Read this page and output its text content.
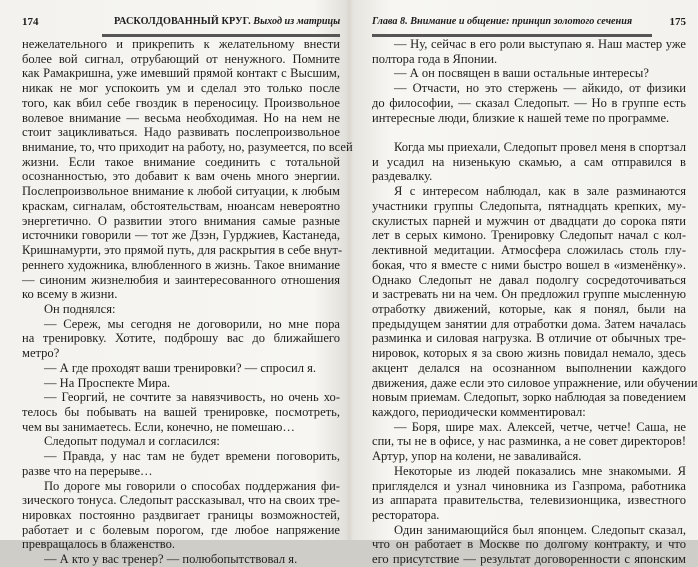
174	РАСКОЛДОВАННЫЙ КРУГ. Выход из матрицы
нежелательного и прикрепить к желательному внести
более вой сигнал, отрубающий от ненужного. Помните
как Рамакришна, уже имевший прямой контакт с Высшим,
никак не мог успокоить ум и сделал это только после
того, как вбил себе гвоздик в переносицу. Произвольное
волевое внимание — весьма необходимая. Но на нем не
стоит зацикливаться. Надо развивать послепроизвольное
внимание, то, что приходит на работу, но, разумеется, по всей
жизни. Если такое внимание соединить с тотальной
осознанностью, это добавит к вам очень много энергии.
Послепроизвольное внимание к любой ситуации, к любым
краскам, сигналам, обстоятельствам, нюансам невероятно
энергетично. О развитии этого внимания самые разные
источники говорили — тот же Дзэн, Гурджиев, Кастанеда,
Кришнамурти, это прямой путь, для раскрытия в себе внут-
реннего художника, влюбленного в жизнь. Такое внимание
— синоним жизнелюбия и заинтересованного отношения
ко всему в жизни.
Он поднялся:
— Сереж, мы сегодня не договорили, но мне пора
на тренировку. Хотите, подброшу вас до ближайшего
метро?
— А где проходят ваши тренировки? — спросил я.
— На Проспекте Мира.
— Георгий, не сочтите за навязчивость, но очень хо-
телось бы побывать на вашей тренировке, посмотреть,
чем вы занимаетесь. Если, конечно, не помешаю…
Следопыт подумал и согласился:
— Правда, у нас там не будет времени поговорить,
разве что на перерыве…
По дороге мы говорили о способах поддержания фи-
зического тонуса. Следопыт рассказывал, что на своих тре-
нировках постоянно раздвигает границы возможностей,
работает и с болевым порогом, где любое напряжение
превращалось в блаженство.
— А кто у вас тренер? — полюбопытствовал я.
Глава 8. Внимание и общение: принцип золотого сечения	175
— Ну, сейчас в его роли выступаю я. Наш мастер уже
полтора года в Японии.
— А он посвящен в ваши остальные интересы?
— Отчасти, но это стержень — айкидо, от физики
до философии, — сказал Следопыт. — Но в группе есть
интересные люди, близкие к нашей теме по программе.
Когда мы приехали, Следопыт провел меня в спортзал
и усадил на низенькую скамью, а сам отправился в
раздевалку.
Я с интересом наблюдал, как в зале разминаются
участники группы Следопыта, пятнадцать крепких, му-
скулистых парней и мужчин от двадцати до сорока пяти
лет в серых кимоно. Тренировку Следопыт начал с кол-
лективной медитации. Атмосфера сложилась столь глу-
бокая, что я вместе с ними быстро вошел в «изменёнку».
Однако Следопыт не давал подолгу сосредоточиваться
и застревать ни на чем. Он предложил группе мысленную
отработку движений, которые, как я понял, были на
предыдущем занятии для отработки дома. Затем началась
разминка и силовая нагрузка. В отличие от обычных тре-
нировок, которых я за свою жизнь повидал немало, здесь
акцент делался на осознанном выполнении каждого
движения, даже если это силовое упражнение, или обучении
новым приемам. Следопыт, зорко наблюдая за поведением
каждого, периодически комментировал:
— Боря, шире мах. Алексей, четче, четче! Саша, не
спи, ты не в офисе, у нас разминка, а не совет директоров!
Артур, упор на колени, не заваливайся.
Некоторые из людей показались мне знакомыми. Я
пригляделся и узнал чиновника из Газпрома, работника
из аппарата правительства, телевизионщика, известного
ресторатора.
Один занимающийся был японцем. Следопыт сказал,
что он работает в Москве по долгому контракту, и что
его присутствие — результат договоренности с японским
